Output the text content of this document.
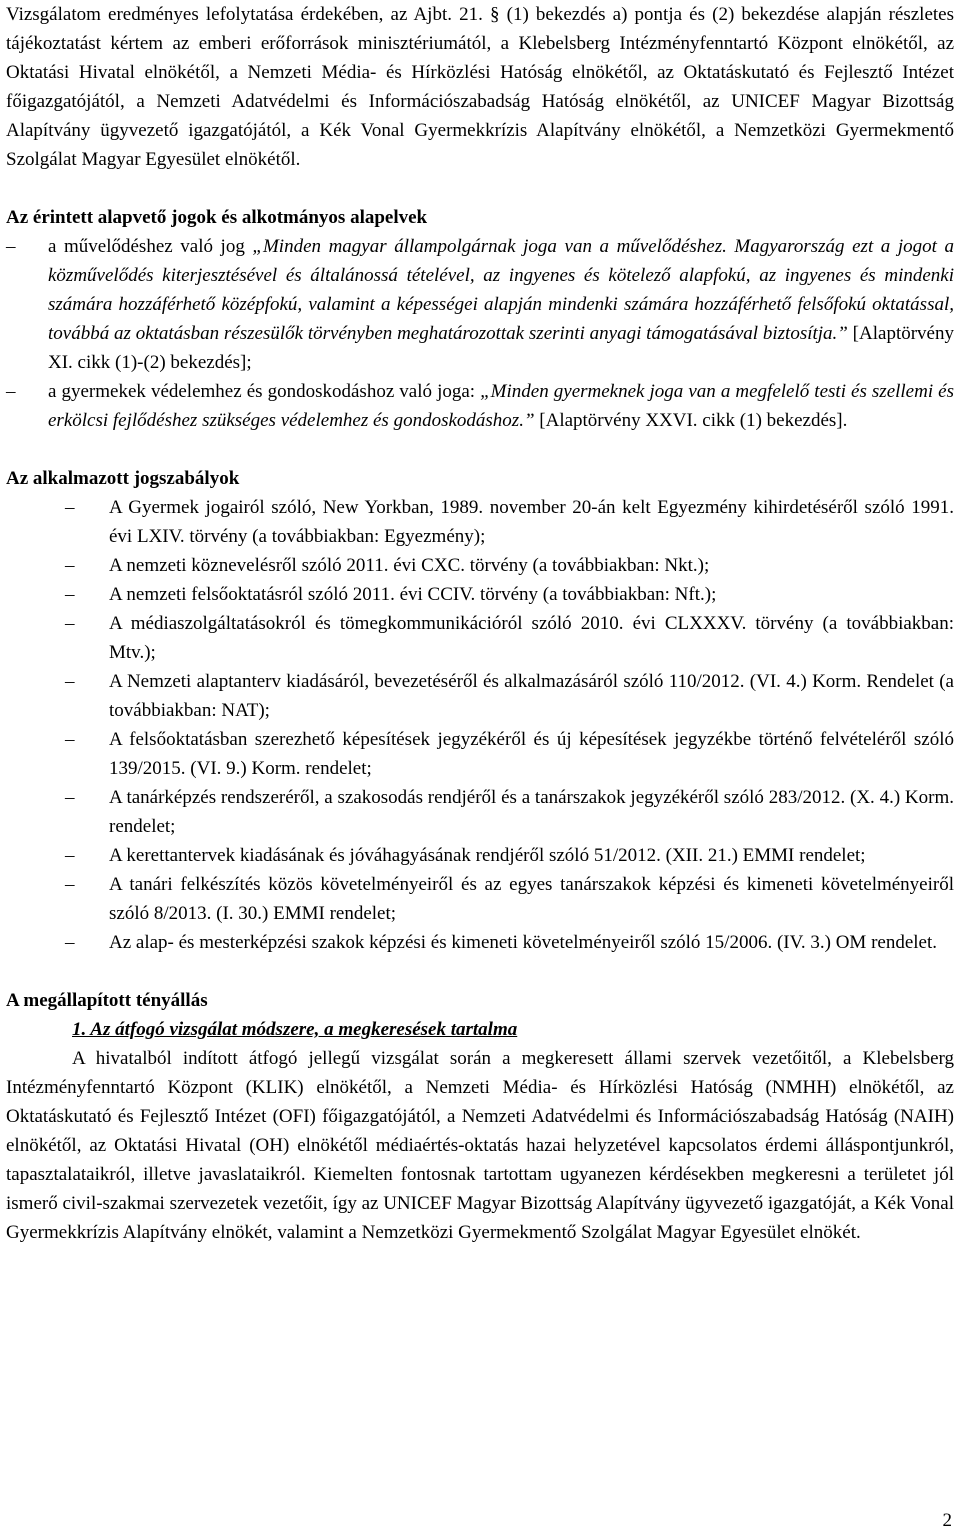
Vizsgálatom eredményes lefolytatása érdekében, az Ajbt. 21. § (1) bekezdés a) pontja és (2) bekezdése alapján részletes tájékoztatást kértem az emberi erőforrások minisztériumától, a Klebelsberg Intézményfenntartó Központ elnökétől, az Oktatási Hivatal elnökétől, a Nemzeti Média- és Hírközlési Hatóság elnökétől, az Oktatáskutató és Fejlesztő Intézet főigazgatójától, a Nemzeti Adatvédelmi és Információszabadság Hatóság elnökétől, az UNICEF Magyar Bizottság Alapítvány ügyvezető igazgatójától, a Kék Vonal Gyermekkrízis Alapítvány elnökétől, a Nemzetközi Gyermekmentő Szolgálat Magyar Egyesület elnökétől.

Az érintett alapvető jogok és alkotmányos alapelvek
– a művelődéshez való jog „Minden magyar állampolgárnak joga van a művelődéshez. Magyarország ezt a jogot a közművelődés kiterjesztésével és általánossá tételével, az ingyenes és kötelező alapfokú, az ingyenes és mindenki számára hozzáférhető középfokú, valamint a képességei alapján mindenki számára hozzáférhető felsőfokú oktatással, továbbá az oktatásban részesülők törvényben meghatározottak szerinti anyagi támogatásával biztosítja.” [Alaptörvény XI. cikk (1)-(2) bekezdés];
– a gyermekek védelemhez és gondoskodáshoz való joga: „Minden gyermeknek joga van a megfelelő testi és szellemi és erkölcsi fejlődéshez szükséges védelemhez és gondoskodáshoz.” [Alaptörvény XXVI. cikk (1) bekezdés].
Az alkalmazott jogszabályok
– A Gyermek jogairól szóló, New Yorkban, 1989. november 20-án kelt Egyezmény kihirdetéséről szóló 1991. évi LXIV. törvény (a továbbiakban: Egyezmény);
– A nemzeti köznevelésről szóló 2011. évi CXC. törvény (a továbbiakban: Nkt.);
– A nemzeti felsőoktatásról szóló 2011. évi CCIV. törvény (a továbbiakban: Nft.);
– A médiaszolgáltatásokról és tömegkommunikációról szóló 2010. évi CLXXXV. törvény (a továbbiakban: Mtv.);
– A Nemzeti alaptanterv kiadásáról, bevezetéséről és alkalmazásáról szóló 110/2012. (VI. 4.) Korm. Rendelet (a továbbiakban: NAT);
– A felsőoktatásban szerezhető képesítések jegyzékéről és új képesítések jegyzékbe történő felvételéről szóló 139/2015. (VI. 9.) Korm. rendelet;
– A tanárképzés rendszeréről, a szakosodás rendjéről és a tanárszakok jegyzékéről szóló 283/2012. (X. 4.) Korm. rendelet;
– A kerettantervek kiadásának és jóváhagyásának rendjéről szóló 51/2012. (XII. 21.) EMMI rendelet;
– A tanári felkészítés közös követelményeiről és az egyes tanárszakok képzési és kimeneti követelményeiről szóló 8/2013. (I. 30.) EMMI rendelet;
– Az alap- és mesterképzési szakok képzési és kimeneti követelményeiről szóló 15/2006. (IV. 3.) OM rendelet.
A megállapított tényállás

1. Az átfogó vizsgálat módszere, a megkeresések tartalma

A hivatalból indított átfogó jellegű vizsgálat során a megkeresett állami szervek vezetőitől, a Klebelsberg Intézményfenntartó Központ (KLIK) elnökétől, a Nemzeti Média- és Hírközlési Hatóság (NMHH) elnökétől, az Oktatáskutató és Fejlesztő Intézet (OFI) főigazgatójától, a Nemzeti Adatvédelmi és Információszabadság Hatóság (NAIH) elnökétől, az Oktatási Hivatal (OH) elnökétől médiaértés-oktatás hazai helyzetével kapcsolatos érdemi álláspontjunkról, tapasztalataikról, illetve javaslataikról. Kiemelten fontosnak tartottam ugyanezen kérdésekben megkeresni a területet jól ismerő civil-szakmai szervezetek vezetőit, így az UNICEF Magyar Bizottság Alapítvány ügyvezető igazgatóját, a Kék Vonal Gyermekkrízis Alapítvány elnökét, valamint a Nemzetközi Gyermekmentő Szolgálat Magyar Egyesület elnökét.

2
